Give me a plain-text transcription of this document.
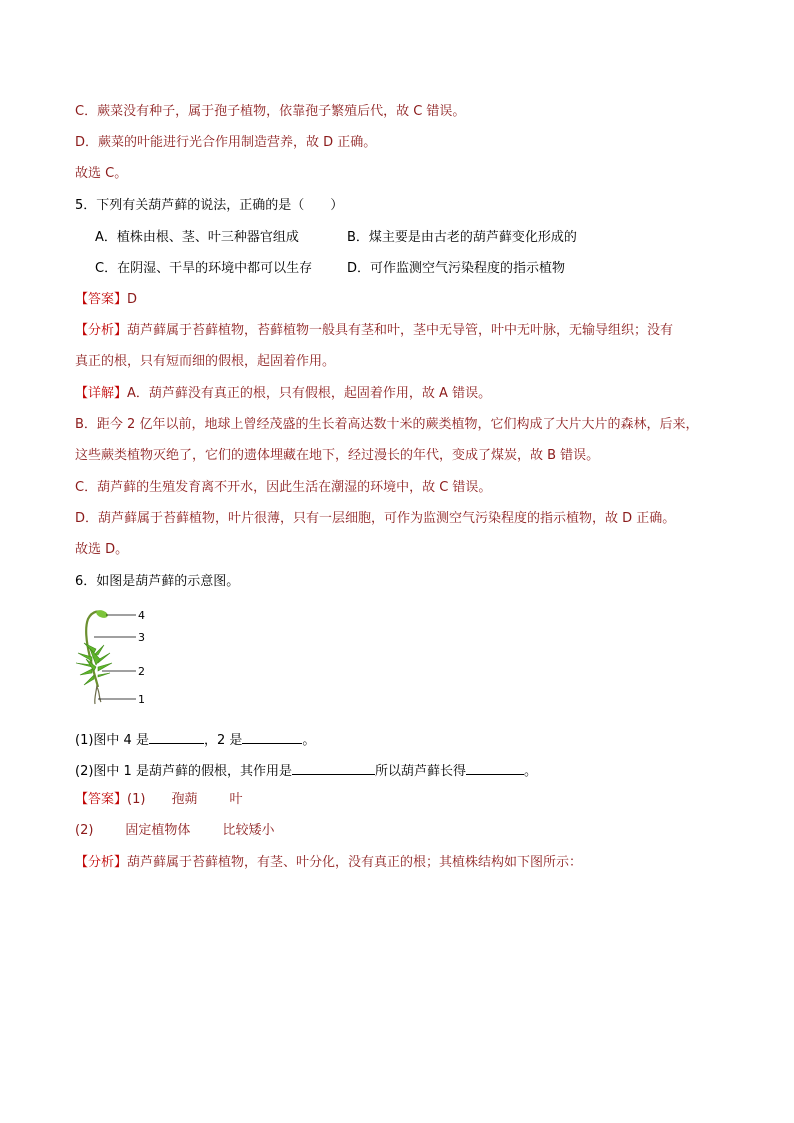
C．蕨菜没有种子，属于孢子植物，依靠孢子繁殖后代，故 C 错误。
D．蕨菜的叶能进行光合作用制造营养，故 D 正确。
故选 C。
5．下列有关葫芦藓的说法，正确的是（　　）
A．植株由根、茎、叶三种器官组成	B．煤主要是由古老的葫芦藓变化形成的
C．在阴湿、干旱的环境中都可以生存	D．可作监测空气污染程度的指示植物
【答案】D
【分析】葫芦藓属于苔藓植物，苔藓植物一般具有茎和叶，茎中无导管，叶中无叶脉，无输导组织；没有
真正的根，只有短而细的假根，起固着作用。
【详解】A．葫芦藓没有真正的根，只有假根，起固着作用，故 A 错误。
B．距今 2 亿年以前，地球上曾经茂盛的生长着高达数十米的蕨类植物，它们构成了大片大片的森林，后来，
这些蕨类植物灭绝了，它们的遗体埋藏在地下，经过漫长的年代，变成了煤炭，故 B 错误。
C．葫芦藓的生殖发育离不开水，因此生活在潮湿的环境中，故 C 错误。
D．葫芦藓属于苔藓植物，叶片很薄，只有一层细胞，可作为监测空气污染程度的指示植物，故 D 正确。
故选 D。
6．如图是葫芦藓的示意图。
4
3
2
1
(1)图中 4 是	，2 是	。
(2)图中 1 是葫芦藓的假根，其作用是	所以葫芦藓长得	。
【答案】(1) 孢蒴 叶
(2) 固定植物体 比较矮小
【分析】葫芦藓属于苔藓植物，有茎、叶分化，没有真正的根；其植株结构如下图所示：
